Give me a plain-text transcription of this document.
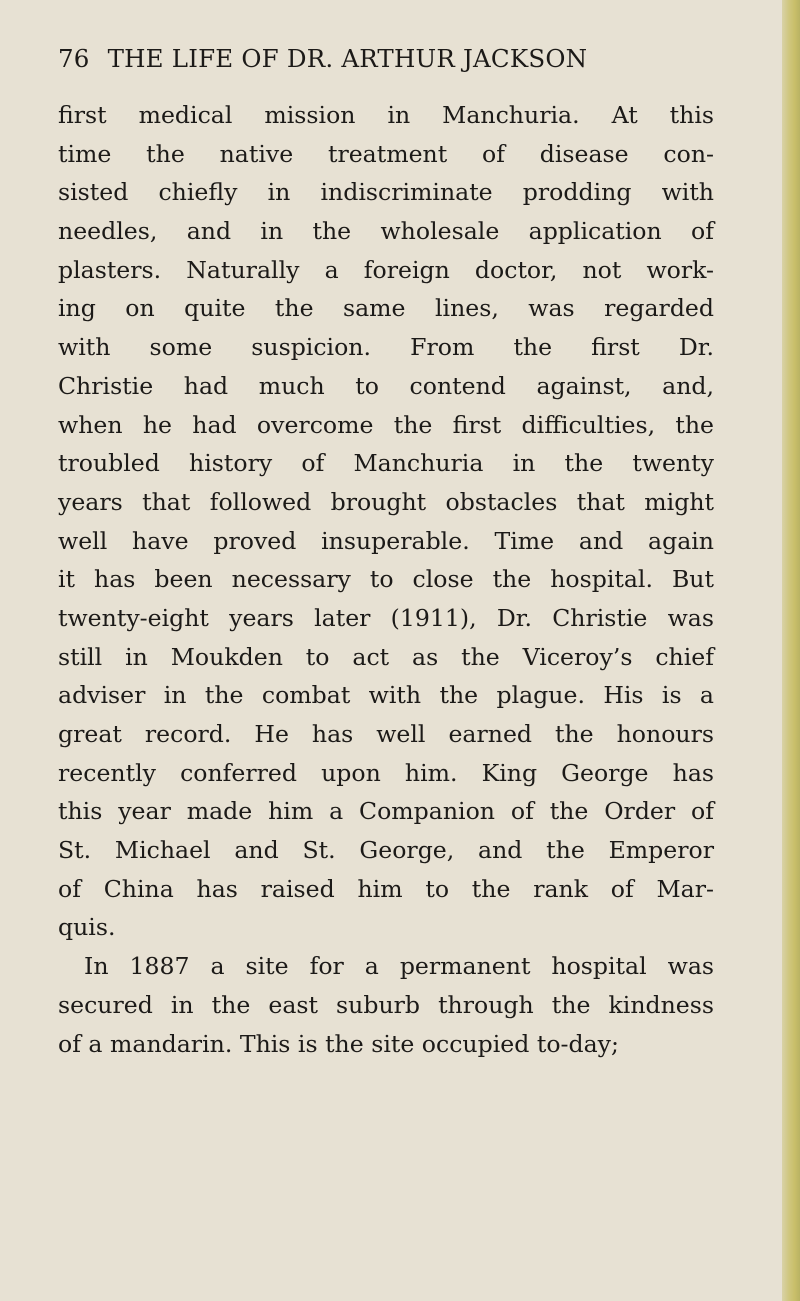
76 THE LIFE OF DR. ARTHUR JACKSON
first medical mission in Manchuria. At this
time the native treatment of disease con-
sisted chiefly in indiscriminate prodding with
needles, and in the wholesale application of
plasters. Naturally a foreign doctor, not work-
ing on quite the same lines, was regarded
with some suspicion. From the first Dr.
Christie had much to contend against, and,
when he had overcome the first difficulties, the
troubled history of Manchuria in the twenty
years that followed brought obstacles that might
well have proved insuperable. Time and again
it has been necessary to close the hospital. But
twenty-eight years later (1911), Dr. Christie was
still in Moukden to act as the Viceroy’s chief
adviser in the combat with the plague. His is a
great record. He has well earned the honours
recently conferred upon him. King George has
this year made him a Companion of the Order of
St. Michael and St. George, and the Emperor
of China has raised him to the rank of Mar-
quis.
In 1887 a site for a permanent hospital was
secured in the east suburb through the kindness
of a mandarin. This is the site occupied to-day;
